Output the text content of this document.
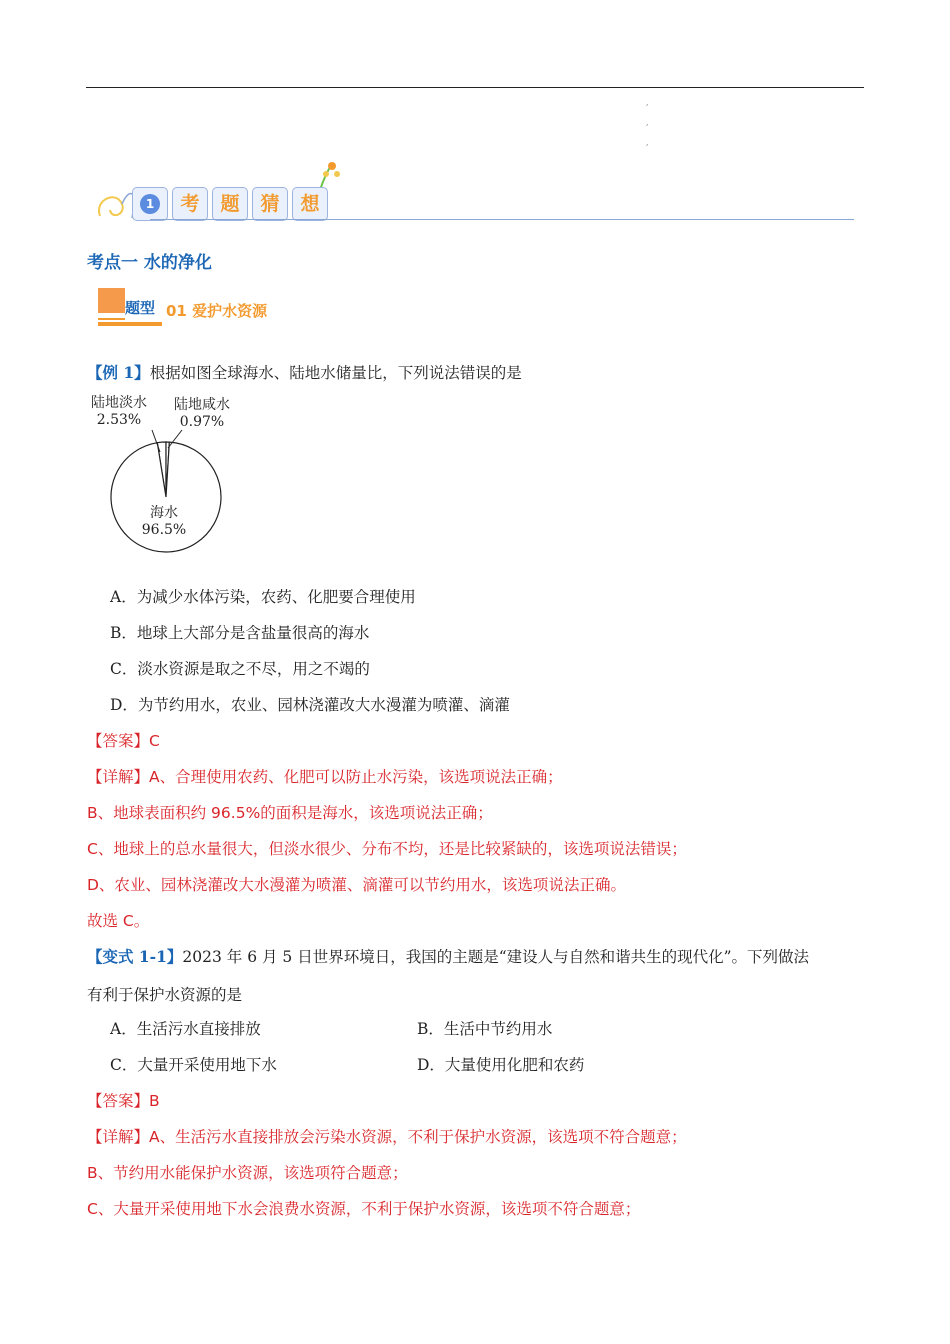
,
,
,
1	考	题	猜	想
考点一 水的净化
题型 01 爱护水资源
【例 1】根据如图全球海水、陆地水储量比，下列说法错误的是
陆地淡水
2.53%
陆地咸水
0.97%
海水
96.5%
A．为减少水体污染，农药、化肥要合理使用
B．地球上大部分是含盐量很高的海水
C．淡水资源是取之不尽，用之不竭的
D．为节约用水，农业、园林浇灌改大水漫灌为喷灌、滴灌
【答案】C
【详解】A、合理使用农药、化肥可以防止水污染，该选项说法正确；
B、地球表面积约 96.5%的面积是海水，该选项说法正确；
C、地球上的总水量很大，但淡水很少、分布不均，还是比较紧缺的，该选项说法错误；
D、农业、园林浇灌改大水漫灌为喷灌、滴灌可以节约用水，该选项说法正确。
故选 C。
【变式 1-1】2023 年 6 月 5 日世界环境日，我国的主题是“建设人与自然和谐共生的现代化”。下列做法
有利于保护水资源的是
A．生活污水直接排放	B．生活中节约用水
C．大量开采使用地下水	D．大量使用化肥和农药
【答案】B
【详解】A、生活污水直接排放会污染水资源，不利于保护水资源，该选项不符合题意；
B、节约用水能保护水资源，该选项符合题意；
C、大量开采使用地下水会浪费水资源，不利于保护水资源，该选项不符合题意；
